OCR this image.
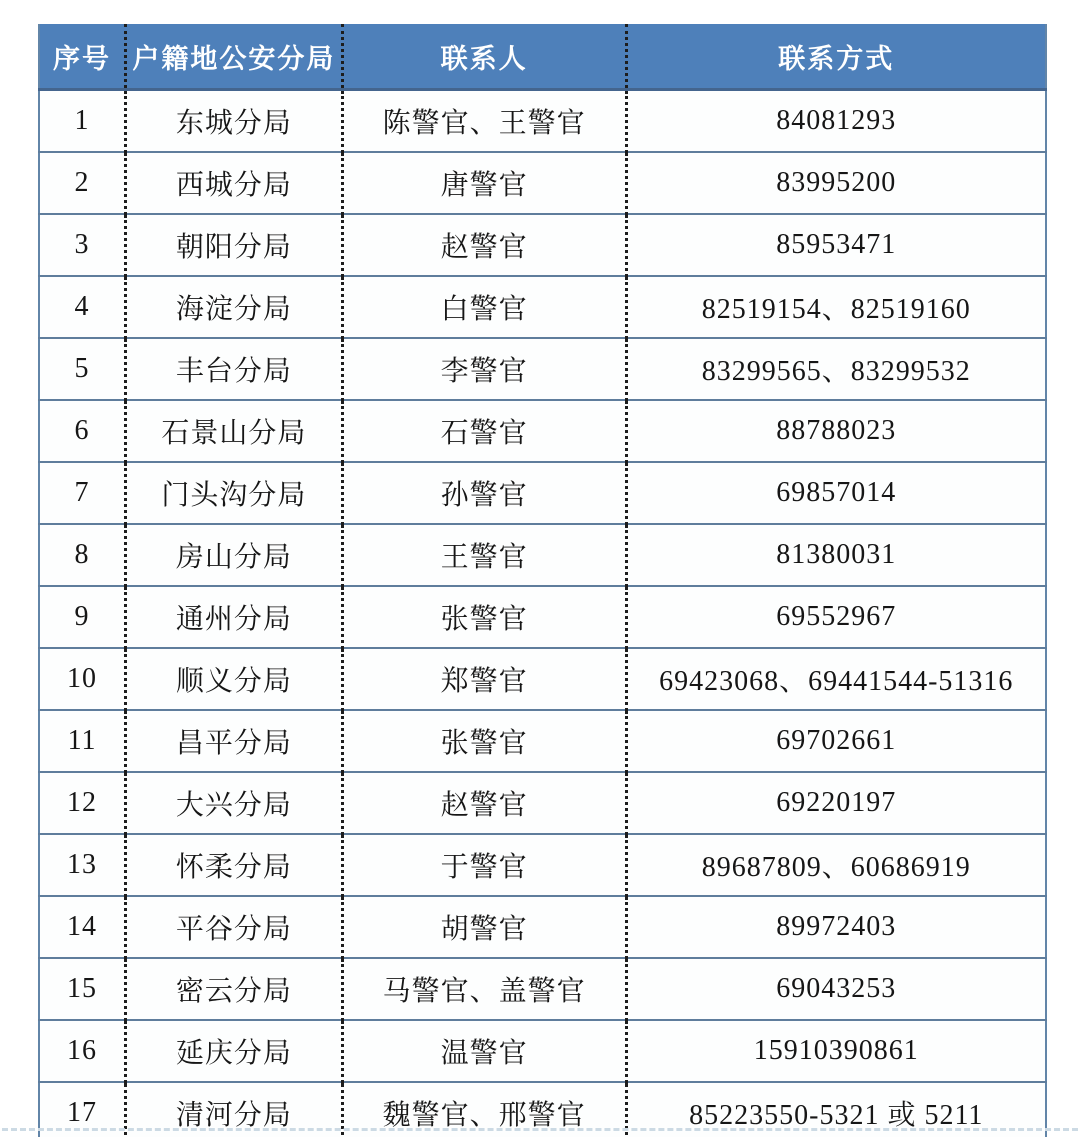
序号	户籍地公安分局	联系人	联系方式
1	东城分局	陈警官、王警官	84081293
2	西城分局	唐警官	83995200
3	朝阳分局	赵警官	85953471
4	海淀分局	白警官	82519154、82519160
5	丰台分局	李警官	83299565、83299532
6	石景山分局	石警官	88788023
7	门头沟分局	孙警官	69857014
8	房山分局	王警官	81380031
9	通州分局	张警官	69552967
10	顺义分局	郑警官	69423068、69441544-51316
11	昌平分局	张警官	69702661
12	大兴分局	赵警官	69220197
13	怀柔分局	于警官	89687809、60686919
14	平谷分局	胡警官	89972403
15	密云分局	马警官、盖警官	69043253
16	延庆分局	温警官	15910390861
17	清河分局	魏警官、邢警官	85223550-5321 或 5211
